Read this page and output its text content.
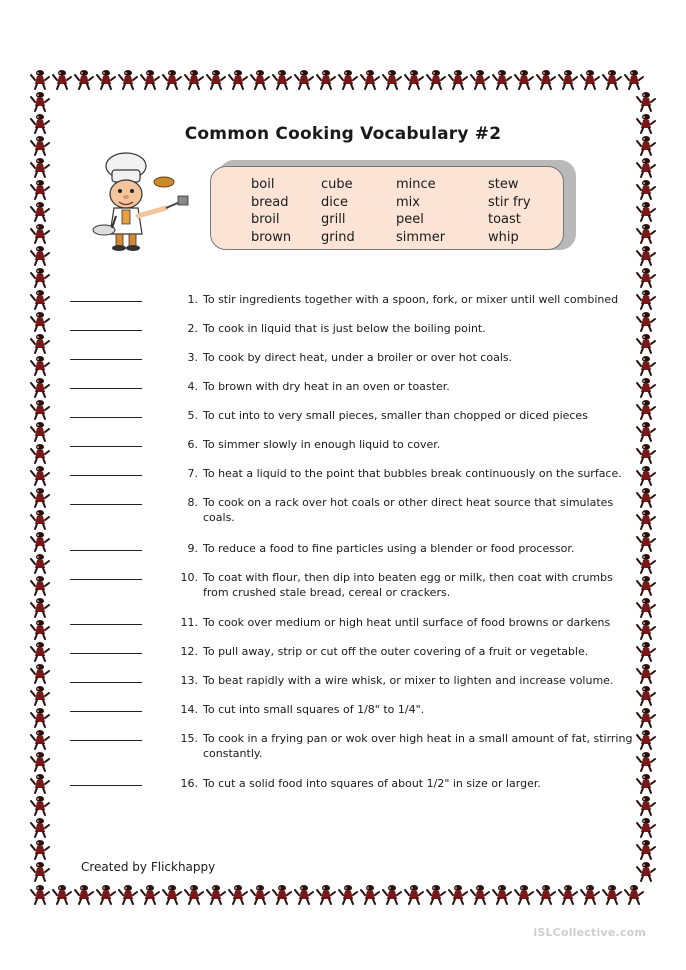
Common Cooking Vocabulary #2
boil
bread
broil
brown
cube
dice
grill
grind
mince
mix
peel
simmer
stew
stir fry
toast
whip
1. To stir ingredients together with a spoon, fork, or mixer until well combined
2. To cook in liquid that is just below the boiling point.
3. To cook by direct heat, under a broiler or over hot coals.
4. To brown with dry heat in an oven or toaster.
5. To cut into to very small pieces, smaller than chopped or diced pieces
6. To simmer slowly in enough liquid to cover.
7. To heat a liquid to the point that bubbles break continuously on the surface.
8. To cook on a rack over hot coals or other direct heat source that simulates coals.
9. To reduce a food to fine particles using a blender or food processor.
10. To coat with flour, then dip into beaten egg or milk, then coat with crumbs from crushed stale bread, cereal or crackers.
11. To cook over medium or high heat until surface of food browns or darkens
12. To pull away, strip or cut off the outer covering of a fruit or vegetable.
13. To beat rapidly with a wire whisk, or mixer to lighten and increase volume.
14. To cut into small squares of 1/8" to 1/4".
15. To cook in a frying pan or wok over high heat in a small amount of fat, stirring constantly.
16. To cut a solid food into squares of about 1/2" in size or larger.
Created by Flickhappy
iSLCollective.com
